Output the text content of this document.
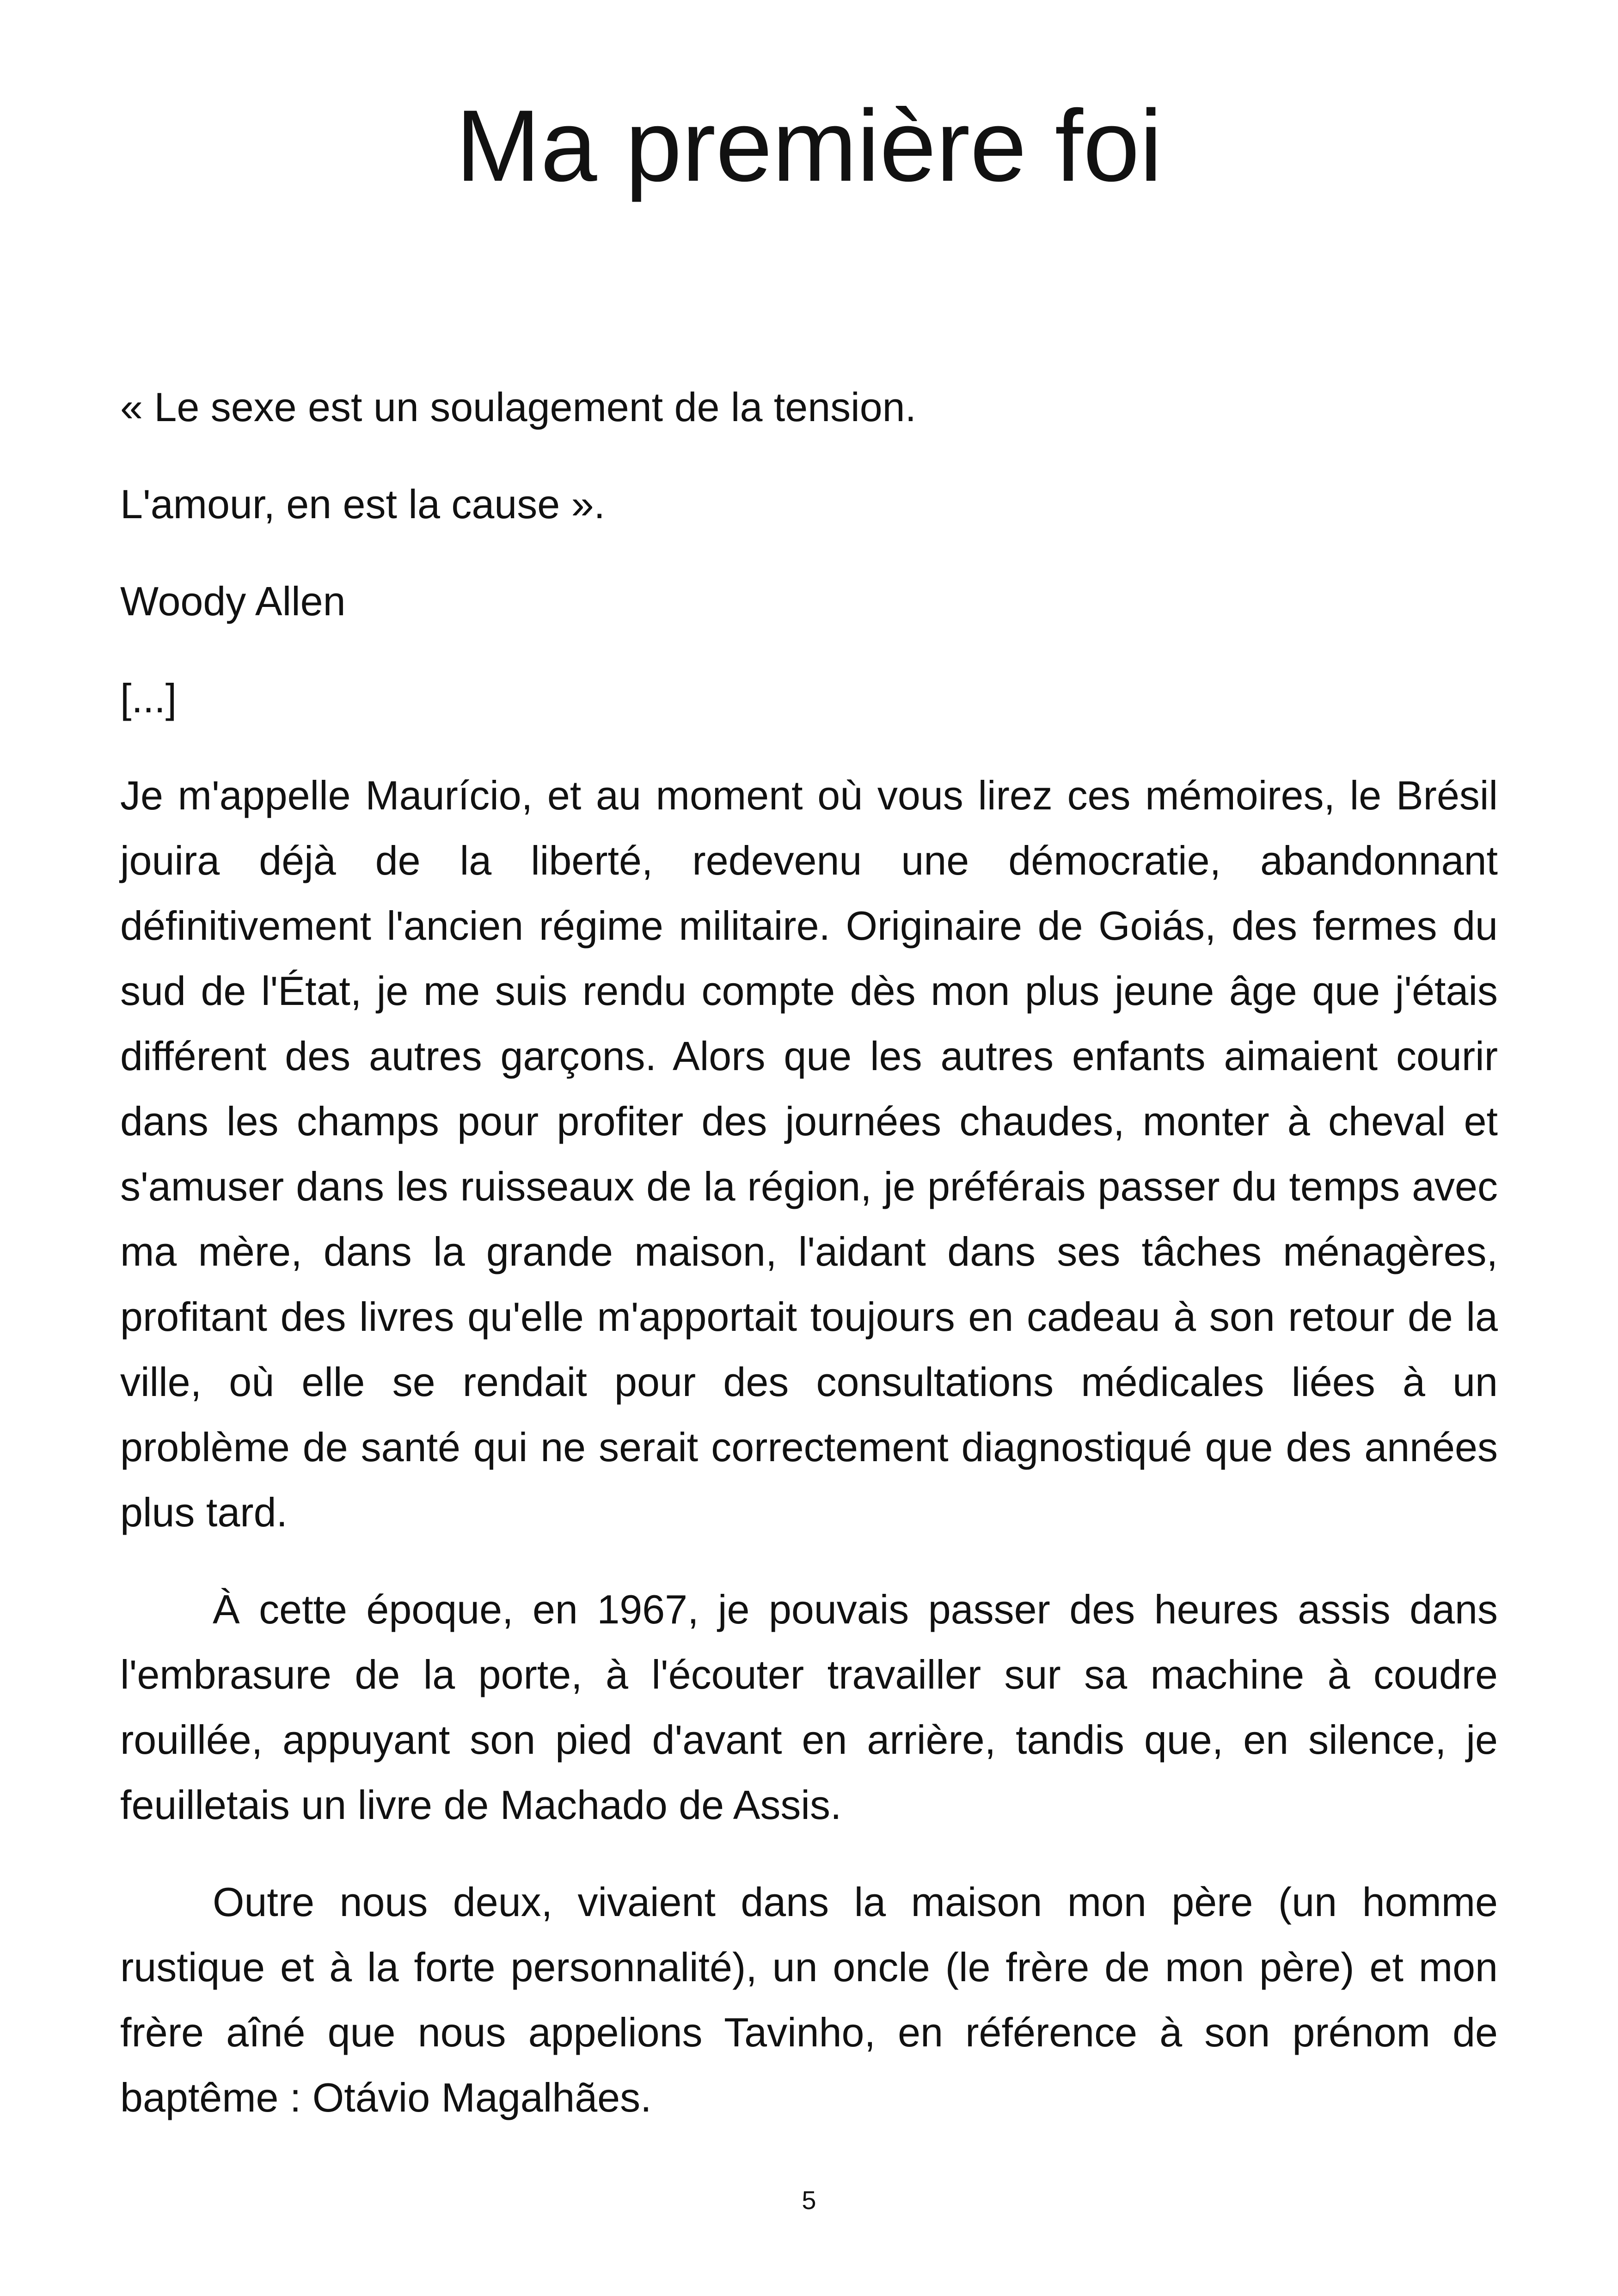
Ma première foi

« Le sexe est un soulagement de la tension.

L'amour, en est la cause ».

Woody Allen

[...]

Je m'appelle Maurício, et au moment où vous lirez ces mémoires, le Brésil jouira déjà de la liberté, redevenu une démocratie, abandonnant définitivement l'ancien régime militaire. Originaire de Goiás, des fermes du sud de l'État, je me suis rendu compte dès mon plus jeune âge que j'étais différent des autres garçons. Alors que les autres enfants aimaient courir dans les champs pour profiter des journées chaudes, monter à cheval et s'amuser dans les ruisseaux de la région, je préférais passer du temps avec ma mère, dans la grande maison, l'aidant dans ses tâches ménagères, profitant des livres qu'elle m'apportait toujours en cadeau à son retour de la ville, où elle se rendait pour des consultations médicales liées à un problème de santé qui ne serait correctement diagnostiqué que des années plus tard.

À cette époque, en 1967, je pouvais passer des heures assis dans l'embrasure de la porte, à l'écouter travailler sur sa machine à coudre rouillée, appuyant son pied d'avant en arrière, tandis que, en silence, je feuilletais un livre de Machado de Assis.

Outre nous deux, vivaient dans la maison mon père (un homme rustique et à la forte personnalité), un oncle (le frère de mon père) et mon frère aîné que nous appelions Tavinho, en référence à son prénom de baptême : Otávio Magalhães.

5
